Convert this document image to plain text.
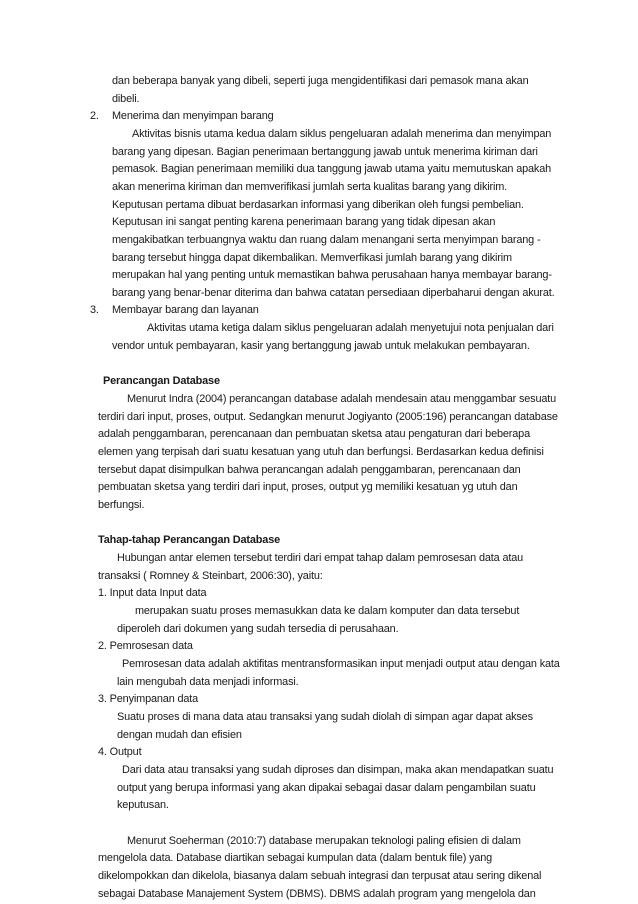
dan beberapa banyak yang dibeli, seperti juga mengidentifikasi dari pemasok mana akan
dibeli.
2. Menerima dan menyimpan barang
Aktivitas bisnis utama kedua dalam siklus pengeluaran adalah menerima dan menyimpan
barang yang dipesan. Bagian penerimaan bertanggung jawab untuk menerima kiriman dari
pemasok. Bagian penerimaan memiliki dua tanggung jawab utama yaitu memutuskan apakah
akan menerima kiriman dan memverifikasi jumlah serta kualitas barang yang dikirim.
Keputusan pertama dibuat berdasarkan informasi yang diberikan oleh fungsi pembelian.
Keputusan ini sangat penting karena penerimaan barang yang tidak dipesan akan
mengakibatkan terbuangnya waktu dan ruang dalam menangani serta menyimpan barang -
barang tersebut hingga dapat dikembalikan. Memverfikasi jumlah barang yang dikirim
merupakan hal yang penting untuk memastikan bahwa perusahaan hanya membayar barang-
barang yang benar-benar diterima dan bahwa catatan persediaan diperbaharui dengan akurat.
3. Membayar barang dan layanan
Aktivitas utama ketiga dalam siklus pengeluaran adalah menyetujui nota penjualan dari
vendor untuk pembayaran, kasir yang bertanggung jawab untuk melakukan pembayaran.
Perancangan Database
Menurut Indra (2004) perancangan database adalah mendesain atau menggambar sesuatu
terdiri dari input, proses, output. Sedangkan menurut Jogiyanto (2005:196) perancangan database
adalah penggambaran, perencanaan dan pembuatan sketsa atau pengaturan dari beberapa
elemen yang terpisah dari suatu kesatuan yang utuh dan berfungsi. Berdasarkan kedua definisi
tersebut dapat disimpulkan bahwa perancangan adalah penggambaran, perencanaan dan
pembuatan sketsa yang terdiri dari input, proses, output yg memiliki kesatuan yg utuh dan
berfungsi.
Tahap-tahap Perancangan Database
Hubungan antar elemen tersebut terdiri dari empat tahap dalam pemrosesan data atau
transaksi ( Romney & Steinbart, 2006:30), yaitu:
1. Input data Input data
merupakan suatu proses memasukkan data ke dalam komputer dan data tersebut
diperoleh dari dokumen yang sudah tersedia di perusahaan.
2. Pemrosesan data
Pemrosesan data adalah aktifitas mentransformasikan input menjadi output atau dengan kata
lain mengubah data menjadi informasi.
3. Penyimpanan data
Suatu proses di mana data atau transaksi yang sudah diolah di simpan agar dapat akses
dengan mudah dan efisien
4. Output
Dari data atau transaksi yang sudah diproses dan disimpan, maka akan mendapatkan suatu
output yang berupa informasi yang akan dipakai sebagai dasar dalam pengambilan suatu
keputusan.
Menurut Soeherman (2010:7) database merupakan teknologi paling efisien di dalam
mengelola data. Database diartikan sebagai kumpulan data (dalam bentuk file) yang
dikelompokkan dan dikelola, biasanya dalam sebuah integrasi dan terpusat atau sering dikenal
sebagai Database Manajement System (DBMS). DBMS adalah program yang mengelola dan
